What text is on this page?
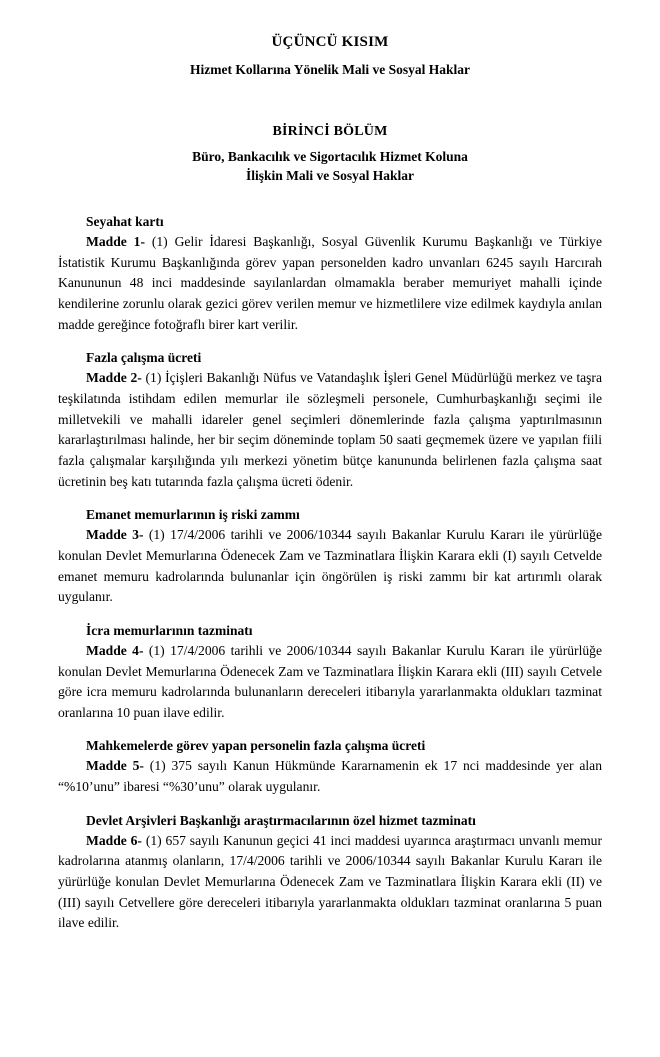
ÜÇÜNCÜ KISIM
Hizmet Kollarına Yönelik Mali ve Sosyal Haklar
BİRİNCİ BÖLÜM
Büro, Bankacılık ve Sigortacılık Hizmet Koluna
İlişkin Mali ve Sosyal Haklar
Seyahat kartı

Madde 1- (1) Gelir İdaresi Başkanlığı, Sosyal Güvenlik Kurumu Başkanlığı ve Türkiye İstatistik Kurumu Başkanlığında görev yapan personelden kadro unvanları 6245 sayılı Harcırah Kanununun 48 inci maddesinde sayılanlardan olmamakla beraber memuriyet mahalli içinde kendilerine zorunlu olarak gezici görev verilen memur ve hizmetlilere vize edilmek kaydıyla anılan madde gereğince fotoğraflı birer kart verilir.

Fazla çalışma ücreti

Madde 2- (1) İçişleri Bakanlığı Nüfus ve Vatandaşlık İşleri Genel Müdürlüğü merkez ve taşra teşkilatında istihdam edilen memurlar ile sözleşmeli personele, Cumhurbaşkanlığı seçimi ile milletvekili ve mahalli idareler genel seçimleri dönemlerinde fazla çalışma yaptırılmasının kararlaştırılması halinde, her bir seçim döneminde toplam 50 saati geçmemek üzere ve yapılan fiili fazla çalışmalar karşılığında yılı merkezi yönetim bütçe kanununda belirlenen fazla çalışma saat ücretinin beş katı tutarında fazla çalışma ücreti ödenir.

Emanet memurlarının iş riski zammı

Madde 3- (1) 17/4/2006 tarihli ve 2006/10344 sayılı Bakanlar Kurulu Kararı ile yürürlüğe konulan Devlet Memurlarına Ödenecek Zam ve Tazminatlara İlişkin Karara ekli (I) sayılı Cetvelde emanet memuru kadrolarında bulunanlar için öngörülen iş riski zammı bir kat artırımlı olarak uygulanır.

İcra memurlarının tazminatı

Madde 4- (1) 17/4/2006 tarihli ve 2006/10344 sayılı Bakanlar Kurulu Kararı ile yürürlüğe konulan Devlet Memurlarına Ödenecek Zam ve Tazminatlara İlişkin Karara ekli (III) sayılı Cetvele göre icra memuru kadrolarında bulunanların dereceleri itibarıyla yararlanmakta oldukları tazminat oranlarına 10 puan ilave edilir.

Mahkemelerde görev yapan personelin fazla çalışma ücreti

Madde 5- (1) 375 sayılı Kanun Hükmünde Kararnamenin ek 17 nci maddesinde yer alan “%10’unu” ibaresi “%30’unu” olarak uygulanır.

Devlet Arşivleri Başkanlığı araştırmacılarının özel hizmet tazminatı

Madde 6- (1) 657 sayılı Kanunun geçici 41 inci maddesi uyarınca araştırmacı unvanlı memur kadrolarına atanmış olanların, 17/4/2006 tarihli ve 2006/10344 sayılı Bakanlar Kurulu Kararı ile yürürlüğe konulan Devlet Memurlarına Ödenecek Zam ve Tazminatlara İlişkin Karara ekli (II) ve (III) sayılı Cetvellere göre dereceleri itibarıyla yararlanmakta oldukları tazminat oranlarına 5 puan ilave edilir.
